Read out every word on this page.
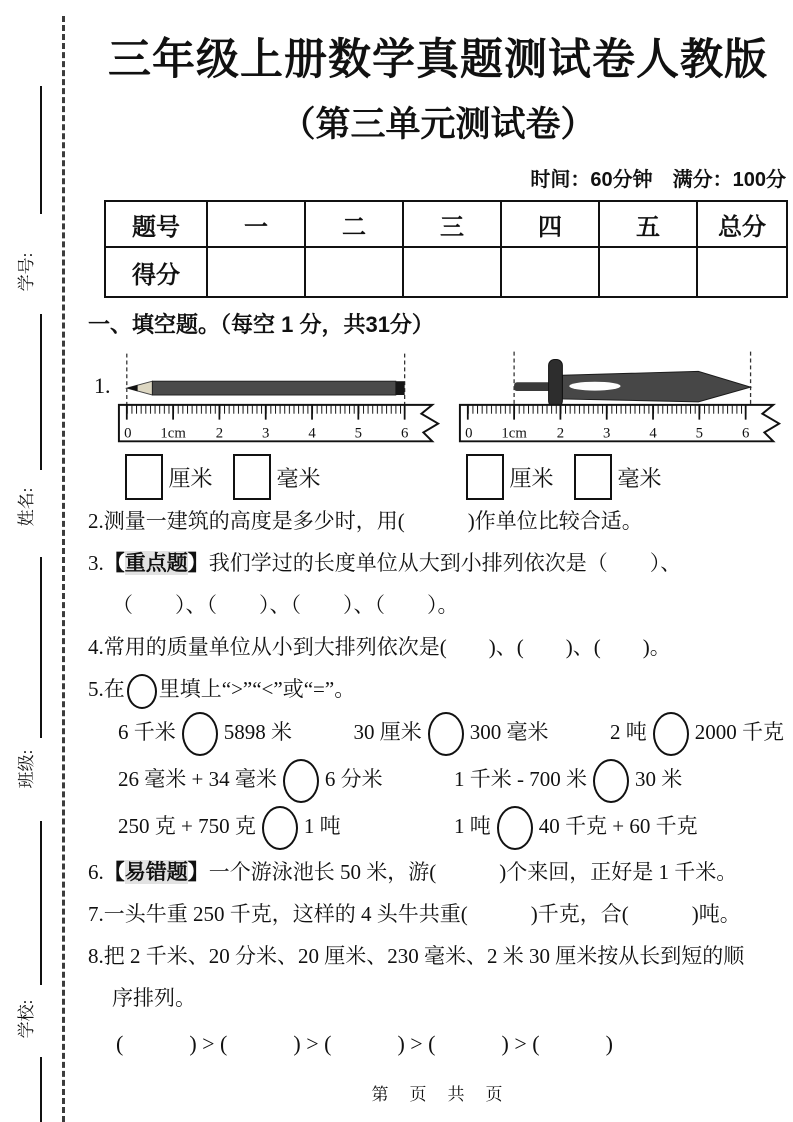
学号:
姓名:
班级:
学校:
三年级上册数学真题测试卷人教版
（第三单元测试卷）
时间：60分钟　满分：100分
题号	一	二	三	四	五	总分
得分						
一、填空题。（每空 1 分，共31分）
1.
0 1cm 2	3	4	5	6
厘米	毫米
0 1cm 2	3	4	5	6
厘米	毫米

2.测量一建筑的高度是多少时，用(　　　)作单位比较合适。

3.【重点题】我们学过的长度单位从大到小排列依次是（　　）、
（　　）、（　　）、（　　）、（　　）。

4.常用的质量单位从小到大排列依次是(　　)、(　　)、(　　)。

5.在 里填上“>”“<”或“=”。

6 千米 5898 米	30 厘米 300 毫米	2 吨 2000 千克
26 毫米 + 34 毫米 6 分米	1 千米 - 700 米 30 米
250 克 + 750 克 1 吨	1 吨 40 千克 + 60 千克

6.【易错题】一个游泳池长 50 米，游(　　　)个来回，正好是 1 千米。

7.一头牛重 250 千克，这样的 4 头牛共重(　　　)千克，合(　　　)吨。

8.把 2 千米、20 分米、20 厘米、230 毫米、2 米 30 厘米按从长到短的顺
序排列。

(　　　) > (　　　) > (　　　) > (　　　) > (　　　)
第　页　共　页
